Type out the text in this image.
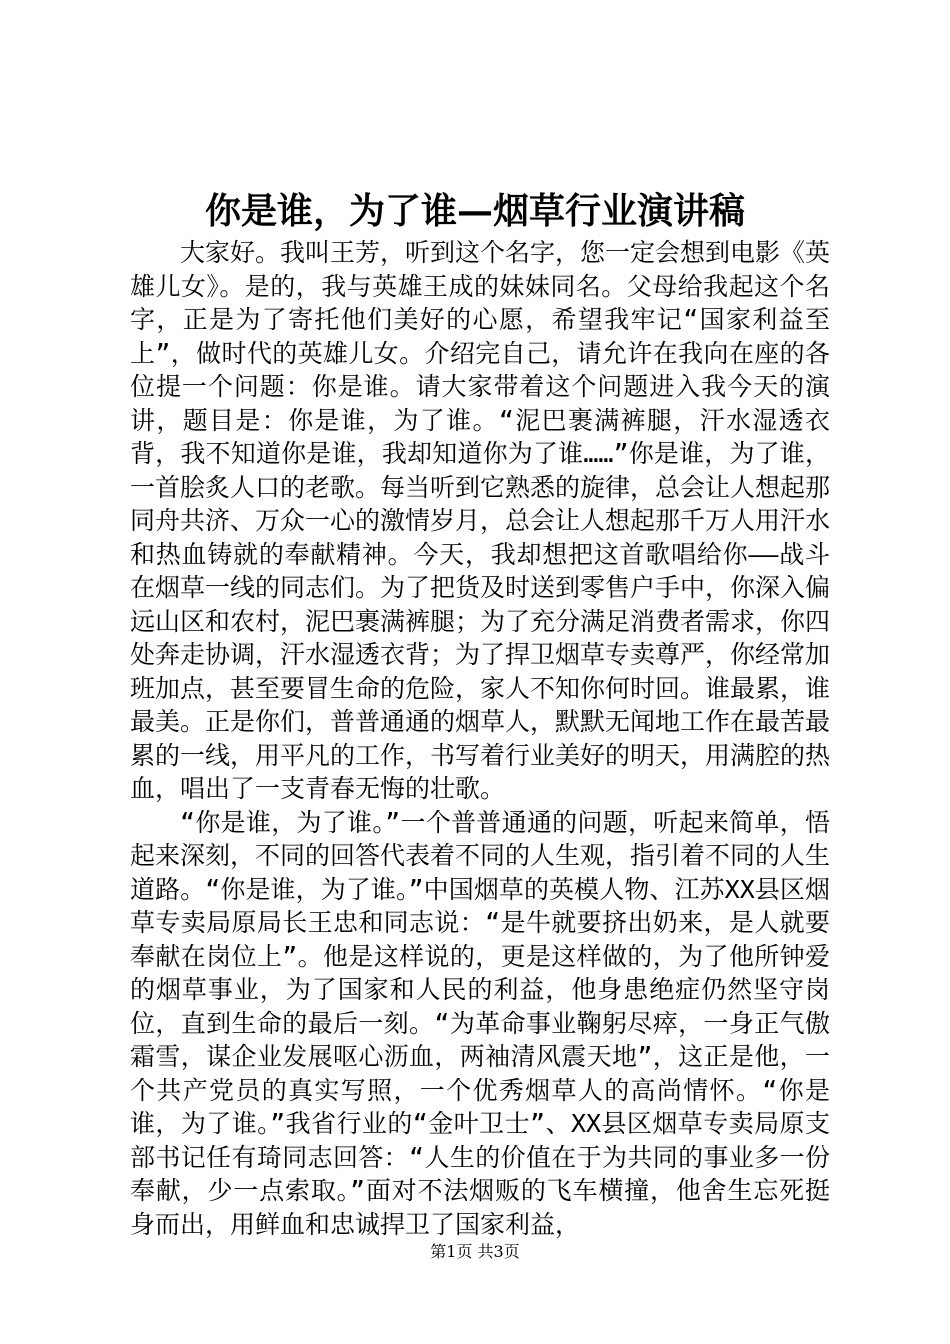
你是谁，为了谁—烟草行业演讲稿

大家好。我叫王芳，听到这个名字，您一定会想到电影《英雄儿女》。是的，我与英雄王成的妹妹同名。父母给我起这个名字，正是为了寄托他们美好的心愿，希望我牢记“国家利益至上”，做时代的英雄儿女。介绍完自己，请允许在我向在座的各位提一个问题：你是谁。请大家带着这个问题进入我今天的演讲，题目是：你是谁，为了谁。“泥巴裹满裤腿，汗水湿透衣背，我不知道你是谁，我却知道你为了谁……”你是谁，为了谁，一首脍炙人口的老歌。每当听到它熟悉的旋律，总会让人想起那同舟共济、万众一心的激情岁月，总会让人想起那千万人用汗水和热血铸就的奉献精神。今天，我却想把这首歌唱给你——战斗在烟草一线的同志们。为了把货及时送到零售户手中，你深入偏远山区和农村，泥巴裹满裤腿；为了充分满足消费者需求，你四处奔走协调，汗水湿透衣背；为了捍卫烟草专卖尊严，你经常加班加点，甚至要冒生命的危险，家人不知你何时回。谁最累，谁最美。正是你们，普普通通的烟草人，默默无闻地工作在最苦最累的一线，用平凡的工作，书写着行业美好的明天，用满腔的热血，唱出了一支青春无悔的壮歌。

“你是谁，为了谁。”一个普普通通的问题，听起来简单，悟起来深刻，不同的回答代表着不同的人生观，指引着不同的人生道路。“你是谁，为了谁。”中国烟草的英模人物、江苏XX县区烟草专卖局原局长王忠和同志说：“是牛就要挤出奶来，是人就要奉献在岗位上”。他是这样说的，更是这样做的，为了他所钟爱的烟草事业，为了国家和人民的利益，他身患绝症仍然坚守岗位，直到生命的最后一刻。“为革命事业鞠躬尽瘁，一身正气傲霜雪，谋企业发展呕心沥血，两袖清风震天地”，这正是他，一个共产党员的真实写照，一个优秀烟草人的高尚情怀。“你是谁，为了谁。”我省行业的“金叶卫士”、XX县区烟草专卖局原支部书记任有琦同志回答：“人生的价值在于为共同的事业多一份奉献，少一点索取。”面对不法烟贩的飞车横撞，他舍生忘死挺身而出，用鲜血和忠诚捍卫了国家利益，

第1页 共3页
